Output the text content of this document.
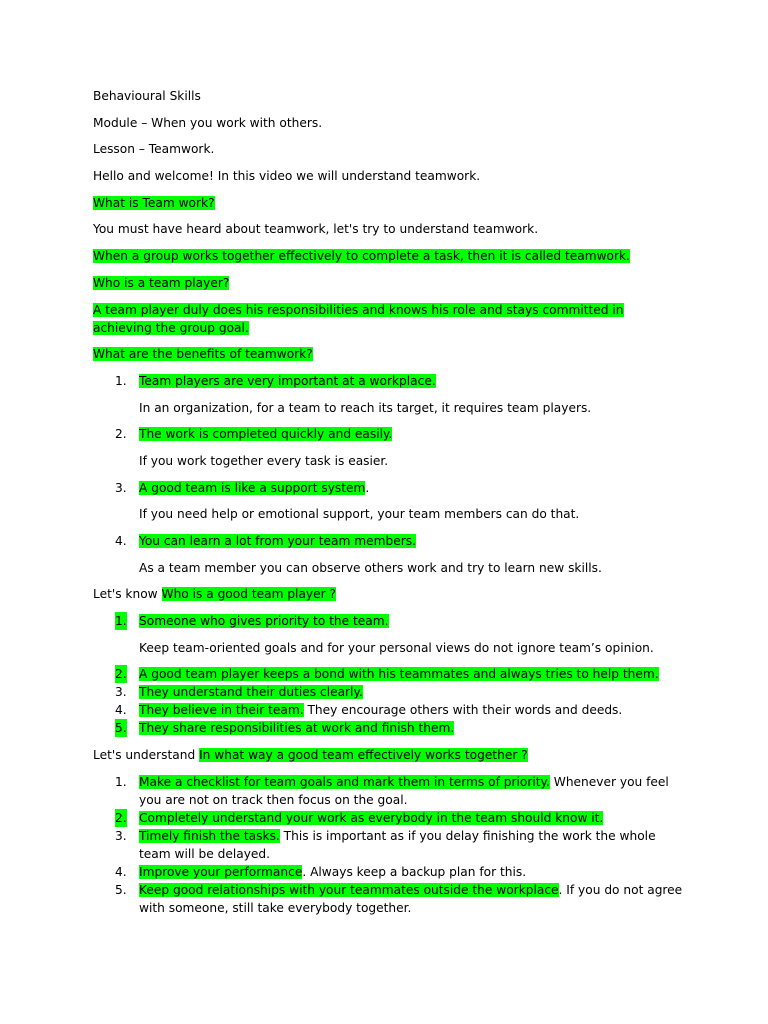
Behavioural Skills

Module – When you work with others.

Lesson – Teamwork.

Hello and welcome! In this video we will understand teamwork.

What is Team work?

You must have heard about teamwork, let's try to understand teamwork.

When a group works together effectively to complete a task, then it is called teamwork.

Who is a team player?

A team player duly does his responsibilities and knows his role and stays committed in achieving the group goal.

What are the benefits of teamwork?

1. Team players are very important at a workplace.

In an organization, for a team to reach its target, it requires team players.

2. The work is completed quickly and easily.

If you work together every task is easier.

3. A good team is like a support system.

If you need help or emotional support, your team members can do that.

4. You can learn a lot from your team members.

As a team member you can observe others work and try to learn new skills.

Let's know Who is a good team player ?

1. Someone who gives priority to the team.

Keep team-oriented goals and for your personal views do not ignore team’s opinion.

2. A good team player keeps a bond with his teammates and always tries to help them.
3. They understand their duties clearly.
4. They believe in their team. They encourage others with their words and deeds.
5. They share responsibilities at work and finish them.

Let's understand In what way a good team effectively works together ?

1. Make a checklist for team goals and mark them in terms of priority. Whenever you feel you are not on track then focus on the goal.
2. Completely understand your work as everybody in the team should know it.
3. Timely finish the tasks. This is important as if you delay finishing the work the whole team will be delayed.
4. Improve your performance. Always keep a backup plan for this.
5. Keep good relationships with your teammates outside the workplace. If you do not agree with someone, still take everybody together.
